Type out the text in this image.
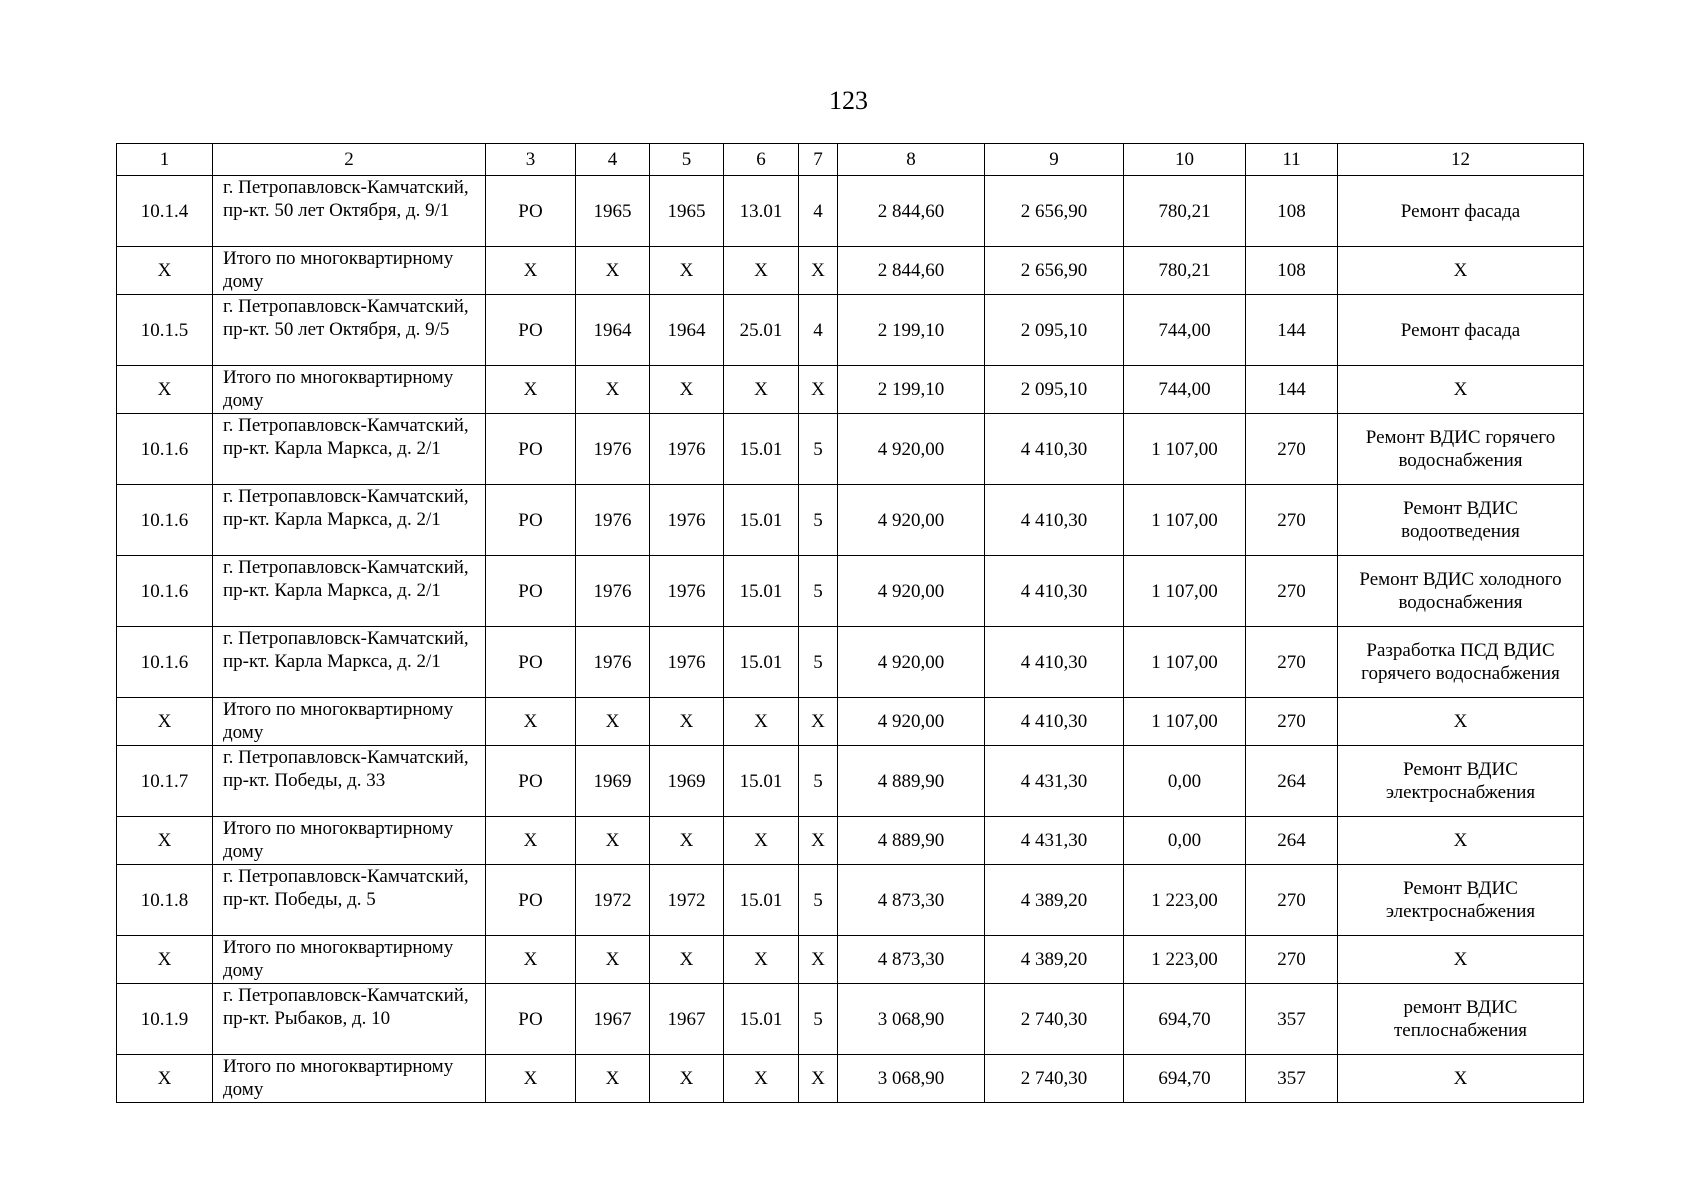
123
1	2	3	4	5	6	7	8	9	10	11	12
10.1.4	г. Петропавловск-Камчатский, пр-кт. 50 лет Октября, д. 9/1	РО	1965	1965	13.01	4	2 844,60	2 656,90	780,21	108	Ремонт фасада
X	Итого по многоквартирному дому	X	X	X	X	X	2 844,60	2 656,90	780,21	108	X
10.1.5	г. Петропавловск-Камчатский, пр-кт. 50 лет Октября, д. 9/5	РО	1964	1964	25.01	4	2 199,10	2 095,10	744,00	144	Ремонт фасада
X	Итого по многоквартирному дому	X	X	X	X	X	2 199,10	2 095,10	744,00	144	X
10.1.6	г. Петропавловск-Камчатский, пр-кт. Карла Маркса, д. 2/1	РО	1976	1976	15.01	5	4 920,00	4 410,30	1 107,00	270	Ремонт ВДИС горячего водоснабжения
10.1.6	г. Петропавловск-Камчатский, пр-кт. Карла Маркса, д. 2/1	РО	1976	1976	15.01	5	4 920,00	4 410,30	1 107,00	270	Ремонт ВДИС водоотведения
10.1.6	г. Петропавловск-Камчатский, пр-кт. Карла Маркса, д. 2/1	РО	1976	1976	15.01	5	4 920,00	4 410,30	1 107,00	270	Ремонт ВДИС холодного водоснабжения
10.1.6	г. Петропавловск-Камчатский, пр-кт. Карла Маркса, д. 2/1	РО	1976	1976	15.01	5	4 920,00	4 410,30	1 107,00	270	Разработка ПСД ВДИС горячего водоснабжения
X	Итого по многоквартирному дому	X	X	X	X	X	4 920,00	4 410,30	1 107,00	270	X
10.1.7	г. Петропавловск-Камчатский, пр-кт. Победы, д. 33	РО	1969	1969	15.01	5	4 889,90	4 431,30	0,00	264	Ремонт ВДИС электроснабжения
X	Итого по многоквартирному дому	X	X	X	X	X	4 889,90	4 431,30	0,00	264	X
10.1.8	г. Петропавловск-Камчатский, пр-кт. Победы, д. 5	РО	1972	1972	15.01	5	4 873,30	4 389,20	1 223,00	270	Ремонт ВДИС электроснабжения
X	Итого по многоквартирному дому	X	X	X	X	X	4 873,30	4 389,20	1 223,00	270	X
10.1.9	г. Петропавловск-Камчатский, пр-кт. Рыбаков, д. 10	РО	1967	1967	15.01	5	3 068,90	2 740,30	694,70	357	ремонт ВДИС теплоснабжения
X	Итого по многоквартирному дому	X	X	X	X	X	3 068,90	2 740,30	694,70	357	X
